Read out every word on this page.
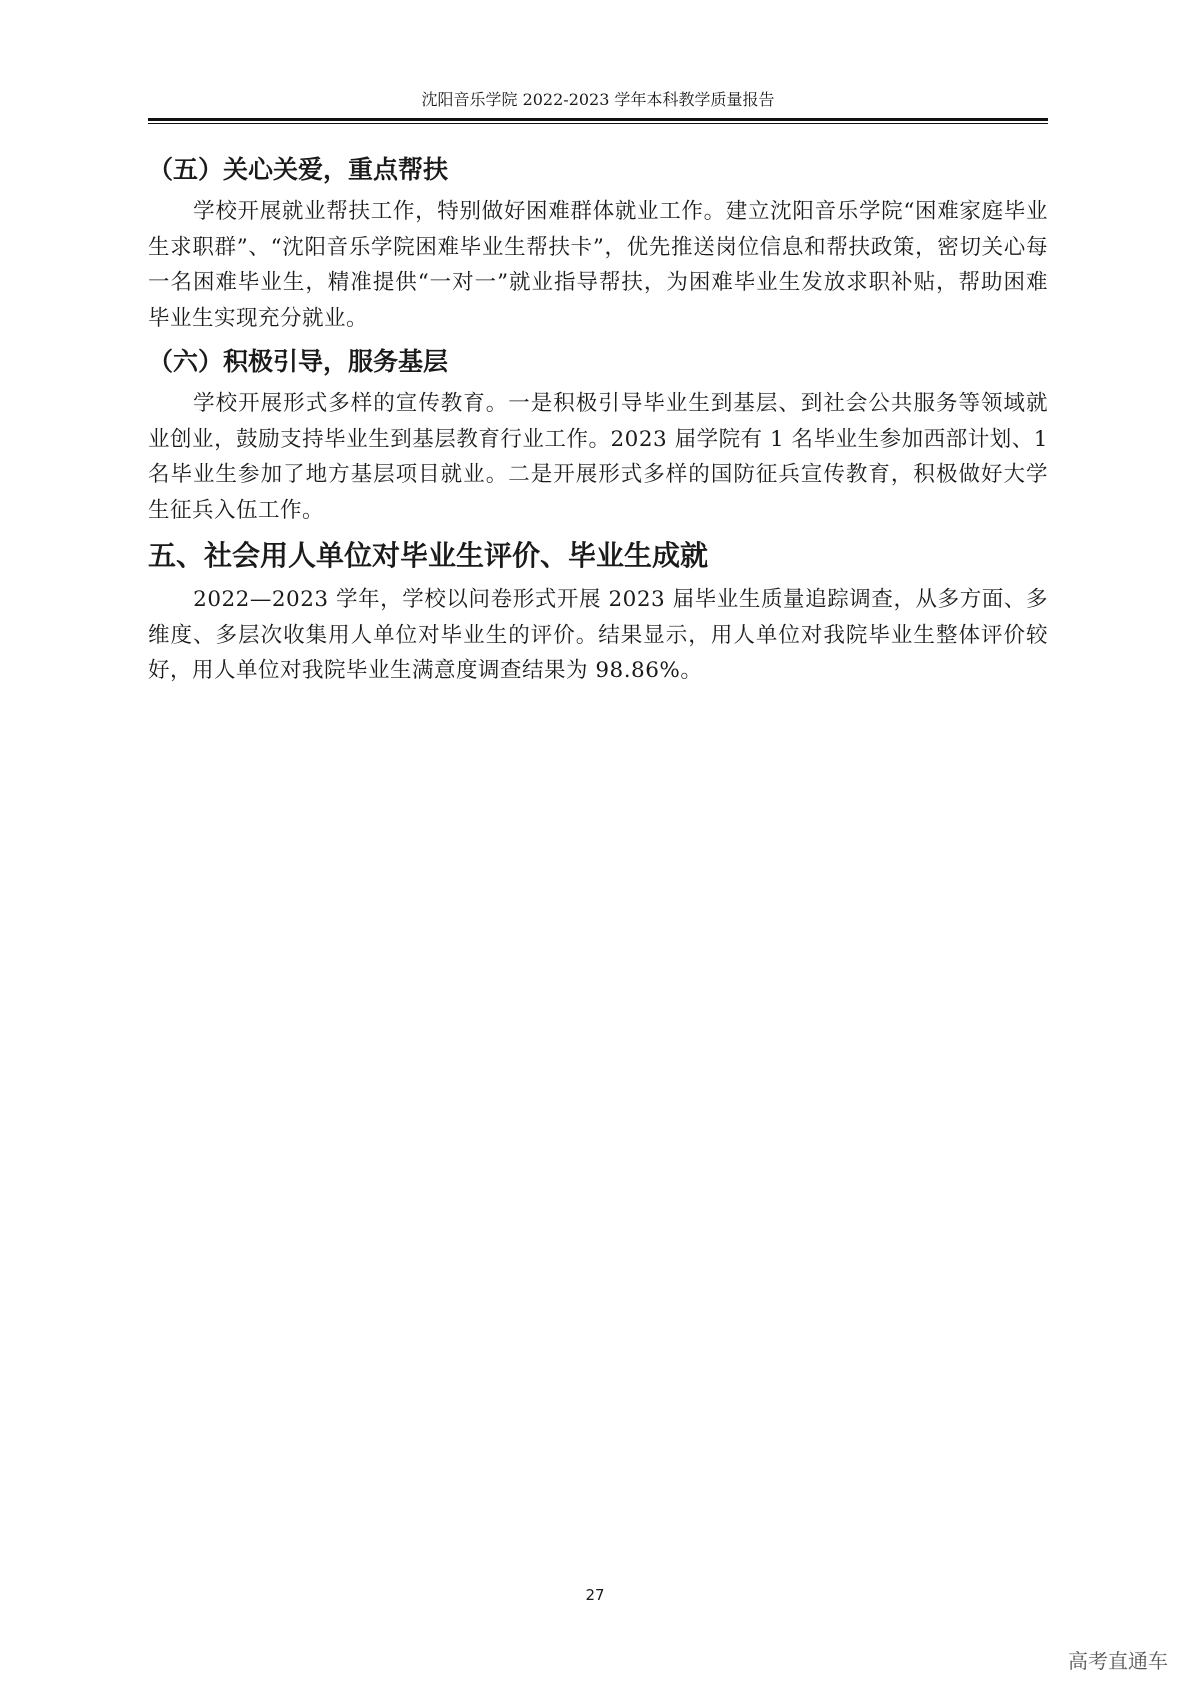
沈阳音乐学院 2022-2023 学年本科教学质量报告
（五）关心关爱，重点帮扶

学校开展就业帮扶工作，特别做好困难群体就业工作。建立沈阳音乐学院“困难家庭毕业生求职群”、“沈阳音乐学院困难毕业生帮扶卡”，优先推送岗位信息和帮扶政策，密切关心每一名困难毕业生，精准提供“一对一”就业指导帮扶，为困难毕业生发放求职补贴，帮助困难毕业生实现充分就业。

（六）积极引导，服务基层

学校开展形式多样的宣传教育。一是积极引导毕业生到基层、到社会公共服务等领域就业创业，鼓励支持毕业生到基层教育行业工作。2023 届学院有 1 名毕业生参加西部计划、1 名毕业生参加了地方基层项目就业。二是开展形式多样的国防征兵宣传教育，积极做好大学生征兵入伍工作。

五、社会用人单位对毕业生评价、毕业生成就

2022—2023 学年，学校以问卷形式开展 2023 届毕业生质量追踪调查，从多方面、多维度、多层次收集用人单位对毕业生的评价。结果显示，用人单位对我院毕业生整体评价较好，用人单位对我院毕业生满意度调查结果为 98.86%。

27
高考直通车
